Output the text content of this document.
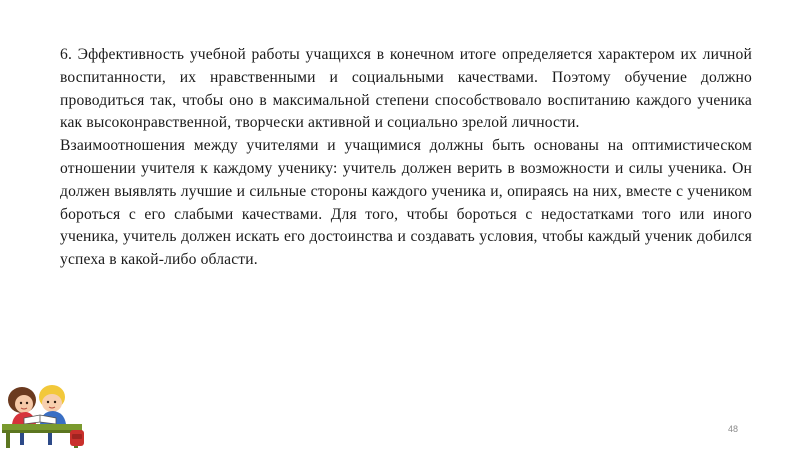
6. Эффективность учебной работы учащихся в конечном итоге определяется характером их личной воспитанности, их нравственными и социальными качествами. Поэтому обучение должно проводиться так, чтобы оно в максимальной степени способствовало воспитанию каждого ученика как высоконравственной, творчески активной и социально зрелой личности.

Взаимоотношения между учителями и учащимися должны быть основаны на оптимистическом отношении учителя к каждому ученику: учитель должен верить в возможности и силы ученика. Он должен выявлять лучшие и сильные стороны каждого ученика и, опираясь на них, вместе с учеником бороться с его слабыми качествами. Для того, чтобы бороться с недостатками того или иного ученика, учитель должен искать его достоинства и создавать условия, чтобы каждый ученик добился успеха в какой-либо области.

48
